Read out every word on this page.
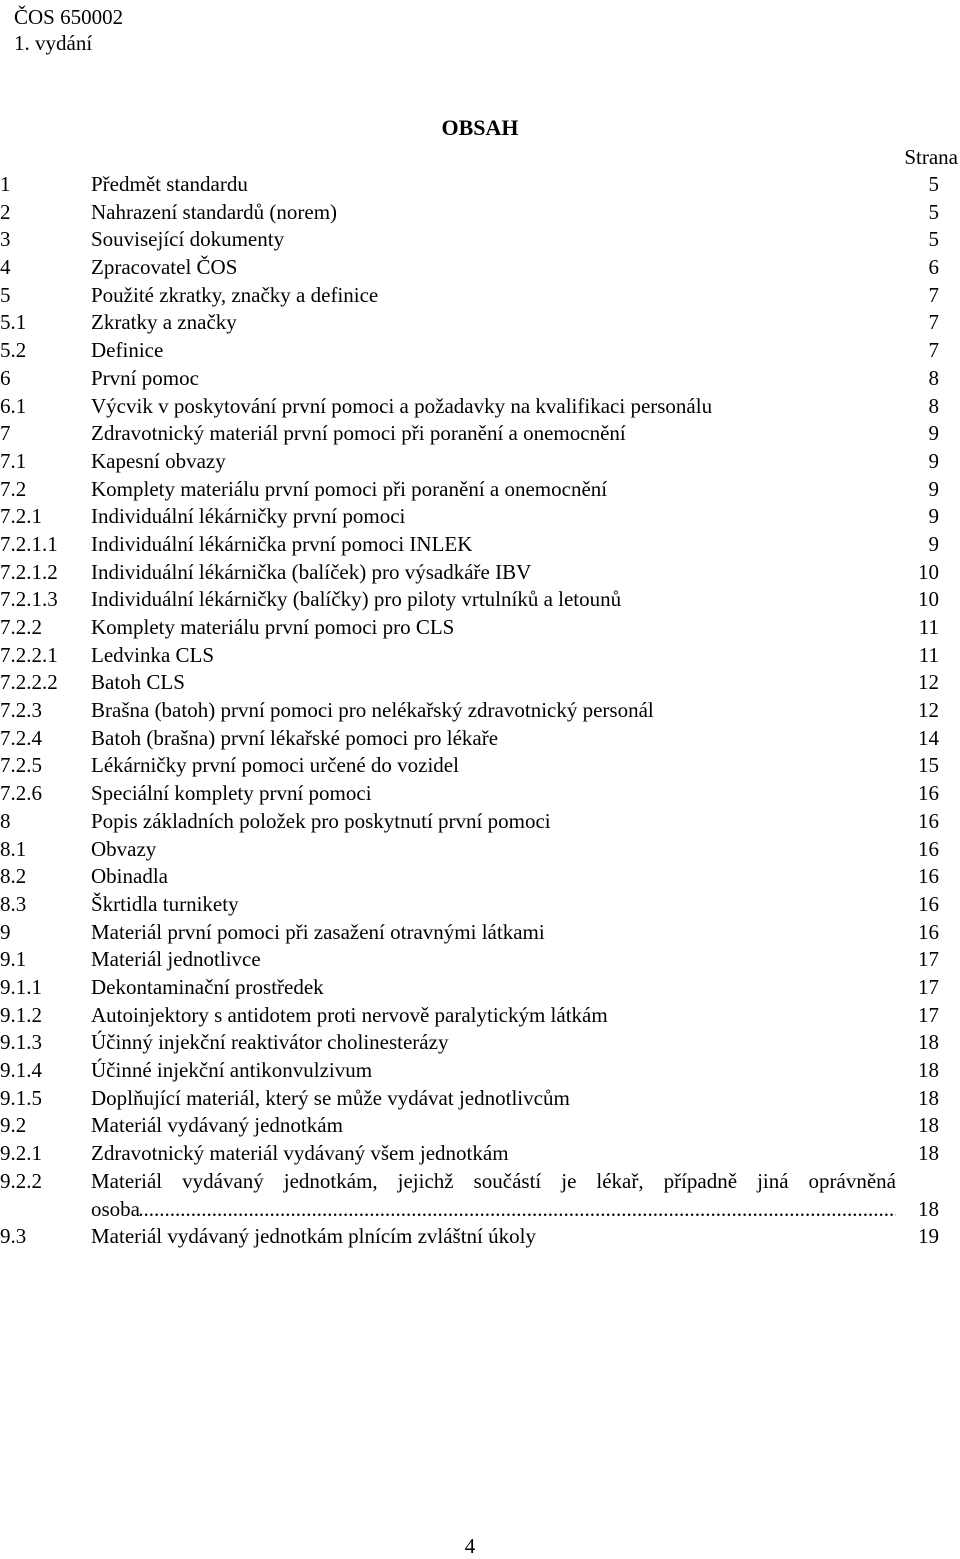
ČOS 650002
1. vydání
OBSAH
Strana
1	Předmět standardu .....	5
2	Nahrazení standardů (norem) .....	5
3	Související dokumenty .....	5
4	Zpracovatel ČOS .....	6
5	Použité zkratky, značky a definice .....	7
5.1	Zkratky a značky .....	7
5.2	Definice .....	7
6	První pomoc .....	8
6.1	Výcvik v poskytování první pomoci a požadavky na kvalifikaci personálu .....	8
7	Zdravotnický materiál první pomoci při poranění a onemocnění .....	9
7.1	Kapesní obvazy .....	9
7.2	Komplety materiálu první pomoci při poranění a onemocnění .....	9
7.2.1 Individuální lékárničky první pomoci .....	9
7.2.1.1 Individuální lékárnička první pomoci INLEK .....	9
7.2.1.2 Individuální lékárnička (balíček) pro výsadkáře IBV .....	10
7.2.1.3 Individuální lékárničky (balíčky) pro piloty vrtulníků a letounů .....	10
7.2.2 Komplety materiálu první pomoci pro CLS .....	11
7.2.2.1 Ledvinka CLS .....	11
7.2.2.2 Batoh CLS .....	12
7.2.3 Brašna (batoh) první pomoci pro nelékařský zdravotnický personál .....	12
7.2.4 Batoh (brašna) první lékařské pomoci pro lékaře .....	14
7.2.5 Lékárničky první pomoci určené do vozidel .....	15
7.2.6 Speciální komplety první pomoci .....	16
8	Popis základních položek pro poskytnutí první pomoci .....	16
8.1	Obvazy .....	16
8.2	Obinadla .....	16
8.3	Škrtidla turnikety .....	16
9	Materiál první pomoci při zasažení otravnými látkami .....	16
9.1	Materiál jednotlivce .....	17
9.1.1 Dekontaminační prostředek .....	17
9.1.2 Autoinjektory s antidotem proti nervově paralytickým látkám .....	17
9.1.3 Účinný injekční reaktivátor cholinesterázy .....	18
9.1.4 Účinné injekční antikonvulzivum .....	18
9.1.5 Doplňující materiál, který se může vydávat jednotlivcům .....	18
9.2	Materiál vydávaný jednotkám .....	18
9.2.1 Zdravotnický materiál vydávaný všem jednotkám .....	18
9.2.2 Materiál vydávaný jednotkám, jejichž součástí je lékař, případně jiná oprávněná
osoba .....	18
9.3	Materiál vydávaný jednotkám plnícím zvláštní úkoly .....	19
4
